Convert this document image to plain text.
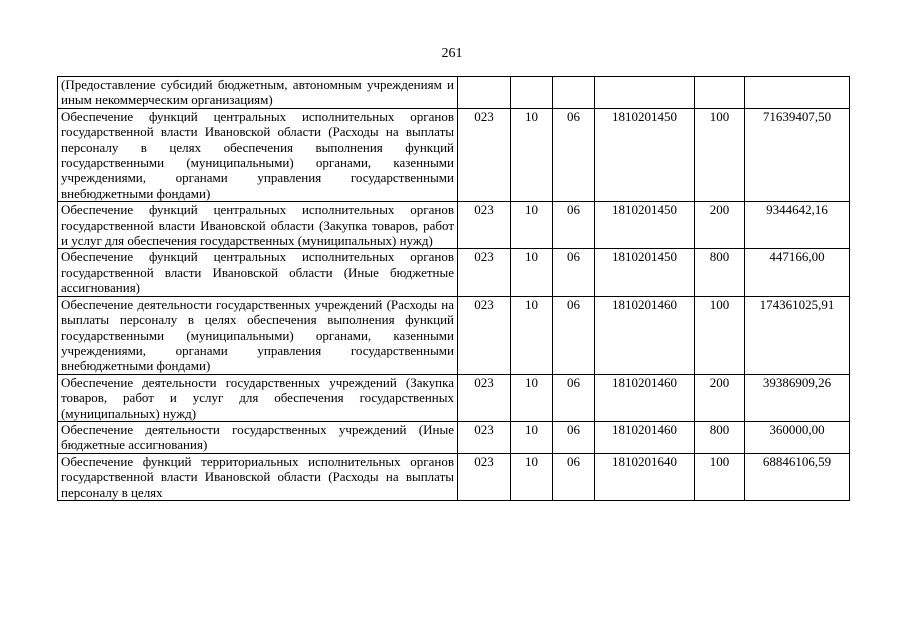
261
(Предоставление субсидий бюджетным, автономным учреждениям и иным некоммерческим организациям)						
Обеспечение функций центральных исполнительных органов государственной власти Ивановской области (Расходы на выплаты персоналу в целях обеспечения выполнения функций государственными (муниципальными) органами, казенными учреждениями, органами управления государственными внебюджетными фондами)	023	10	06	1810201450	100	71639407,50
Обеспечение функций центральных исполнительных органов государственной власти Ивановской области (Закупка товаров, работ и услуг для обеспечения государственных (муниципальных) нужд)	023	10	06	1810201450	200	9344642,16
Обеспечение функций центральных исполнительных органов государственной власти Ивановской области (Иные бюджетные ассигнования)	023	10	06	1810201450	800	447166,00
Обеспечение деятельности государственных учреждений (Расходы на выплаты персоналу в целях обеспечения выполнения функций государственными (муниципальными) органами, казенными учреждениями, органами управления государственными внебюджетными фондами)	023	10	06	1810201460	100	174361025,91
Обеспечение деятельности государственных учреждений (Закупка товаров, работ и услуг для обеспечения государственных (муниципальных) нужд)	023	10	06	1810201460	200	39386909,26
Обеспечение деятельности государственных учреждений (Иные бюджетные ассигнования)	023	10	06	1810201460	800	360000,00
Обеспечение функций территориальных исполнительных органов государственной власти Ивановской области (Расходы на выплаты персоналу в целях	023	10	06	1810201640	100	68846106,59
